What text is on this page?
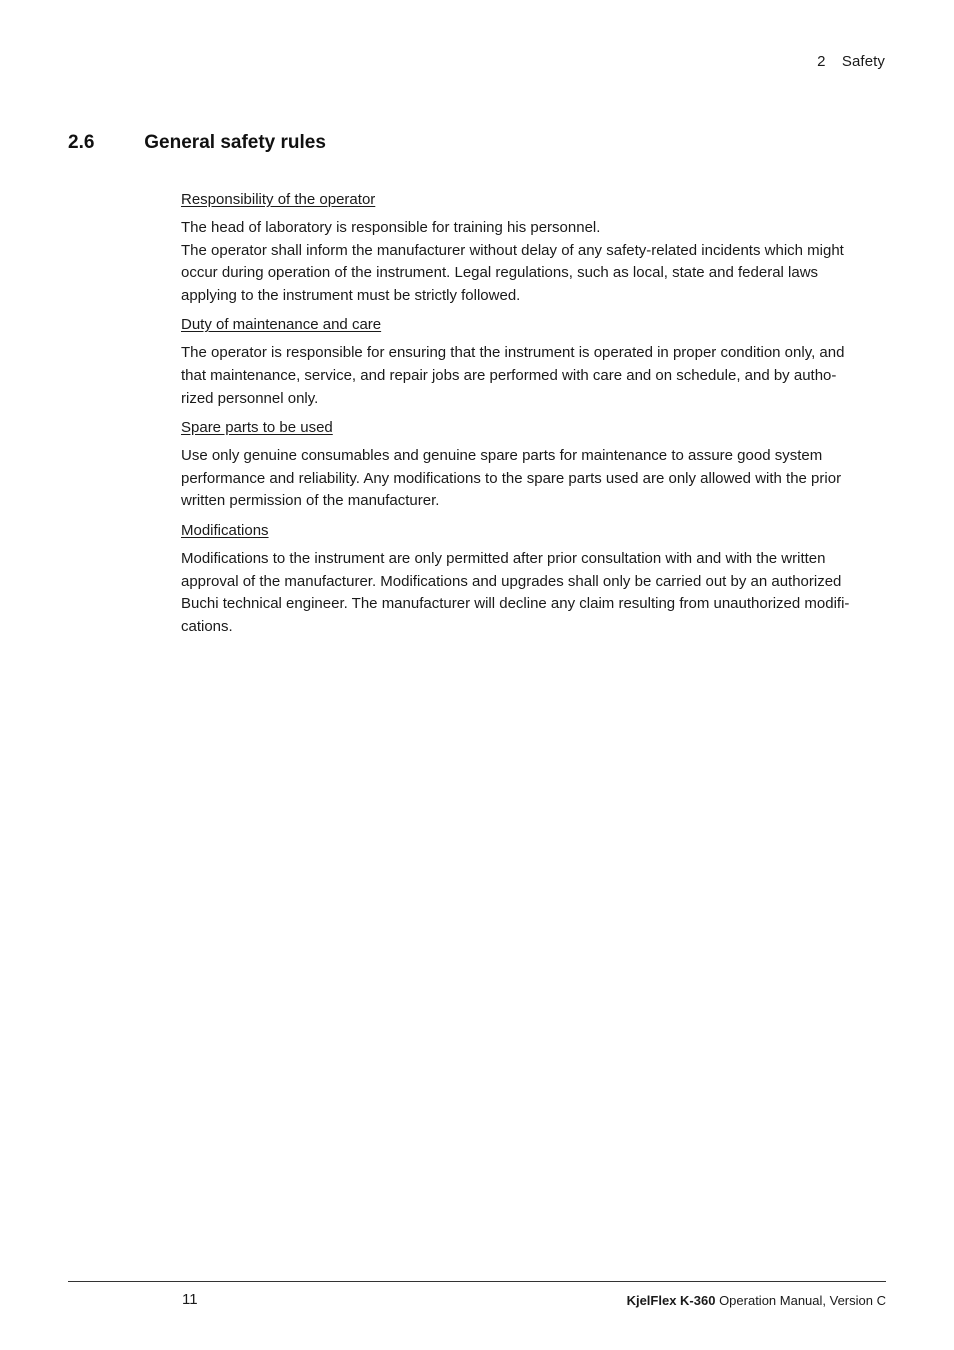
2 Safety
2.6	General safety rules
Responsibility of the operator
The head of laboratory is responsible for training his personnel.
The operator shall inform the manufacturer without delay of any safety-related incidents which might
occur during operation of the instrument. Legal regulations, such as local, state and federal laws
applying to the instrument must be strictly followed.
Duty of maintenance and care
The operator is responsible for ensuring that the instrument is operated in proper condition only, and
that maintenance, service, and repair jobs are performed with care and on schedule, and by autho-
rized personnel only.
Spare parts to be used
Use only genuine consumables and genuine spare parts for maintenance to assure good system
performance and reliability. Any modifications to the spare parts used are only allowed with the prior
written permission of the manufacturer.
Modifications
Modifications to the instrument are only permitted after prior consultation with and with the written
approval of the manufacturer. Modifications and upgrades shall only be carried out by an authorized
Buchi technical engineer. The manufacturer will decline any claim resulting from unauthorized modifi-
cations.
11	KjelFlex K-360 Operation Manual, Version C
